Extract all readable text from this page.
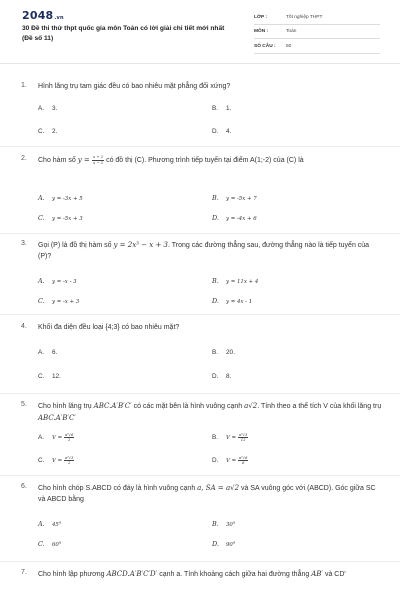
2048.vn
30 Đề thi thử thpt quốc gia môn Toán có lời giải chi tiết mới nhất (Đề số 11)
LỚP :	Tốt nghiệp THPT
MÔN :	Toán
SỐ CÂU : 50
1. Hình lăng trụ tam giác đều có bao nhiêu mặt phẳng đối xứng?
A. 3.	B. 1.
C. 2.	D. 4.
2. Cho hàm số $y = \frac{x + 2}{x - 2}$ có đồ thị (C). Phương trình tiếp tuyến tại điểm A(1;-2) của (C) là
A. y = -3x + 5	B. y = -5x + 7
C. y = -5x + 3	D. y = -4x + 6
3. Gọi (P) là đồ thị hàm số y = 2x³ − x + 3. Trong các đường thẳng sau, đường thẳng nào là tiếp tuyến của (P)?
A. y = -x - 3	B. y = 11x + 4
C. y = -x + 3	D. y = 4x - 1
4. Khối đa diện đều loại {4;3} có bao nhiêu mặt?
A. 6.	B. 20.
C. 12.	D. 8.
5. Cho hình lăng trụ ABC.A′B′C′ có các mặt bên là hình vuông cạnh a√2. Tính theo a thể tích V của khối lăng trụ ABC.A′B′C′
A. $V = \frac{\text{a³√6}}{2}$	B. $V = \frac{\text{a³√3}}{12}$
C. $V = \frac{\text{a³√3}}{2}$	D. $V = \frac{\text{a³√6}}{6}$
6. Cho hình chóp S.ABCD có đáy là hình vuông cạnh a, SA = a√2 và SA vuông góc với (ABCD). Góc giữa SC và ABCD bằng
A. 45°	B. 30°
C. 60°	D. 90°
7. Cho hình lập phương ABCD.A′B′C′D′ cạnh a. Tính khoảng cách giữa hai đường thẳng AB′ và CD′
